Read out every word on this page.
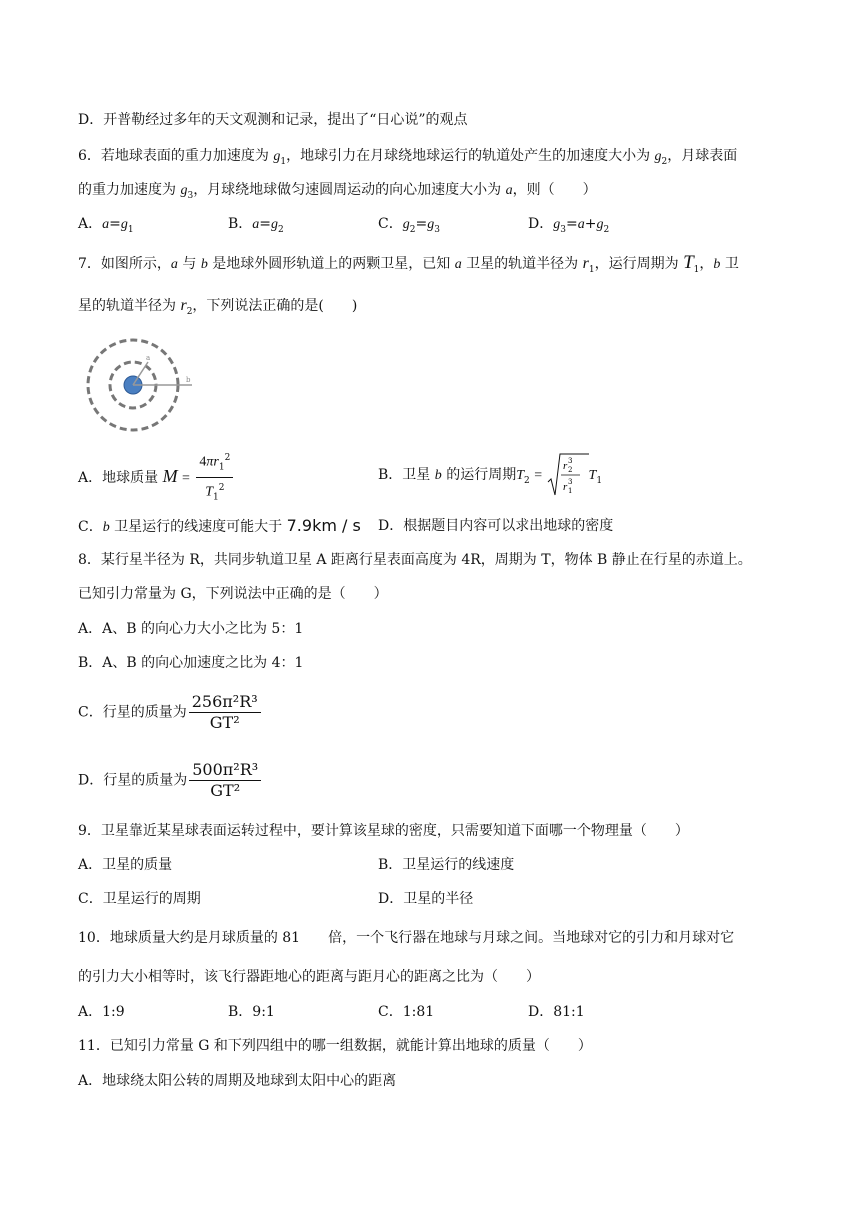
D．开普勒经过多年的天文观测和记录，提出了“日心说”的观点
6．若地球表面的重力加速度为 $g_1$，地球引力在月球绕地球运行的轨道处产生的加速度大小为 $g_2$，月球表面
的重力加速度为 $g_3$，月球绕地球做匀速圆周运动的向心加速度大小为 a，则（　　）
A．$a=g_1$	B．$a=g_2$	C．$g_2=g_3$	D．$g_3=a+g_2$
7．如图所示，a 与 b 是地球外圆形轨道上的两颗卫星，已知 a 卫星的轨道半径为 $r_1$，运行周期为 $T_1$，b 卫
星的轨道半径为 $r_2$，下列说法正确的是(　　)
a
b
A．地球质量 $M = \frac{4\pi r_1^2}{T_1^2}$	B．卫星 b 的运行周期$T_2$ =
r 2
3
r 1
3 $T_1$
C．b 卫星运行的线速度可能大于 7.9km / s D．根据题目内容可以求出地球的密度
8．某行星半径为 R，共同步轨道卫星 A 距离行星表面高度为 4R，周期为 T，物体 B 静止在行星的赤道上。
已知引力常量为 G，下列说法中正确的是（　　）
A．A、B 的向心力大小之比为 5：1
B．A、B 的向心加速度之比为 4：1
C．行星的质量为 $\frac{\text{256π²R³}}{\text{GT²}}$
D．行星的质量为 $\frac{\text{500π²R³}}{\text{GT²}}$
9．卫星靠近某星球表面运转过程中，要计算该星球的密度，只需要知道下面哪一个物理量（　　）
A．卫星的质量	B．卫星运行的线速度
C．卫星运行的周期	D．卫星的半径
10．地球质量大约是月球质量的 81　　倍，一个飞行器在地球与月球之间。当地球对它的引力和月球对它
的引力大小相等时，该飞行器距地心的距离与距月心的距离之比为（　　）
A．1:9	B．9:1	C．1:81	D．81:1
11．已知引力常量 G 和下列四组中的哪一组数据，就能计算出地球的质量（　　）
A．地球绕太阳公转的周期及地球到太阳中心的距离
